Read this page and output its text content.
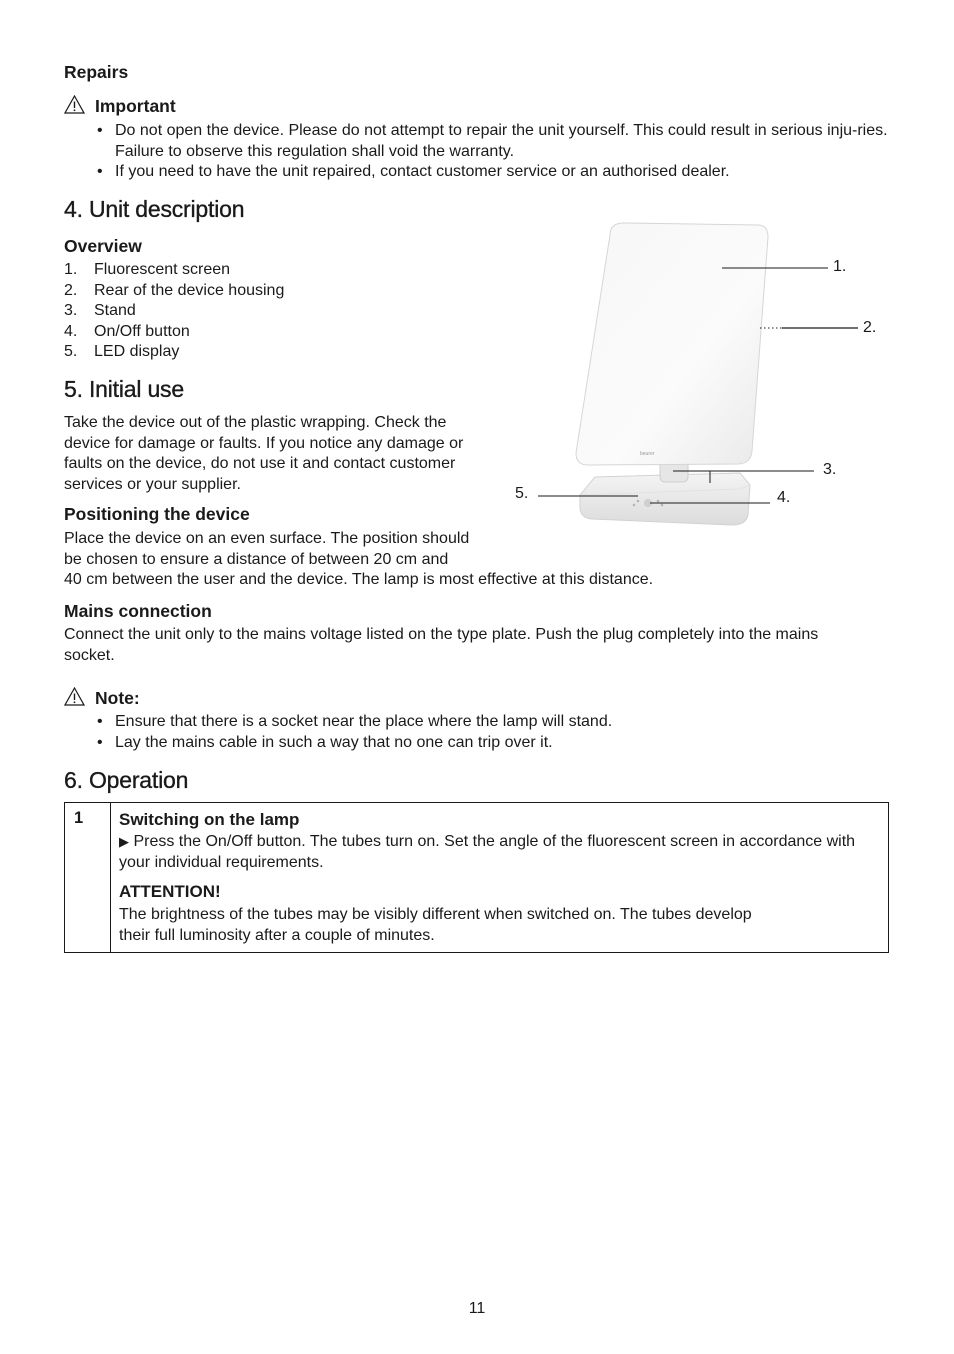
Repairs
Important
• Do not open the device. Please do not attempt to repair the unit yourself. This could result in serious inju-ries. Failure to observe this regulation shall void the warranty.
• If you need to have the unit repaired, contact customer service or an authorised dealer.
4. Unit description
Overview
1. Fluorescent screen
2. Rear of the device housing
3. Stand
4. On/Off button
5. LED display
beurer
1.
2.
3.
4.
5.
5. Initial use
Take the device out of the plastic wrapping. Check the device for damage or faults. If you notice any damage or faults on the device, do not use it and contact customer services or your supplier.
Positioning the device
Place the device on an even surface. The position should
be chosen to ensure a distance of between 20 cm and
40 cm between the user and the device. The lamp is most effective at this distance.
Mains connection
Connect the unit only to the mains voltage listed on the type plate. Push the plug completely into the mains socket.
Note:
• Ensure that there is a socket near the place where the lamp will stand.
• Lay the mains cable in such a way that no one can trip over it.
6. Operation
1	Switching on the lamp
▶ Press the On/Off button. The tubes turn on. Set the angle of the fluorescent screen in accordance with your individual requirements.
ATTENTION!
The brightness of the tubes may be visibly different when switched on. The tubes develop their full luminosity after a couple of minutes.
11
